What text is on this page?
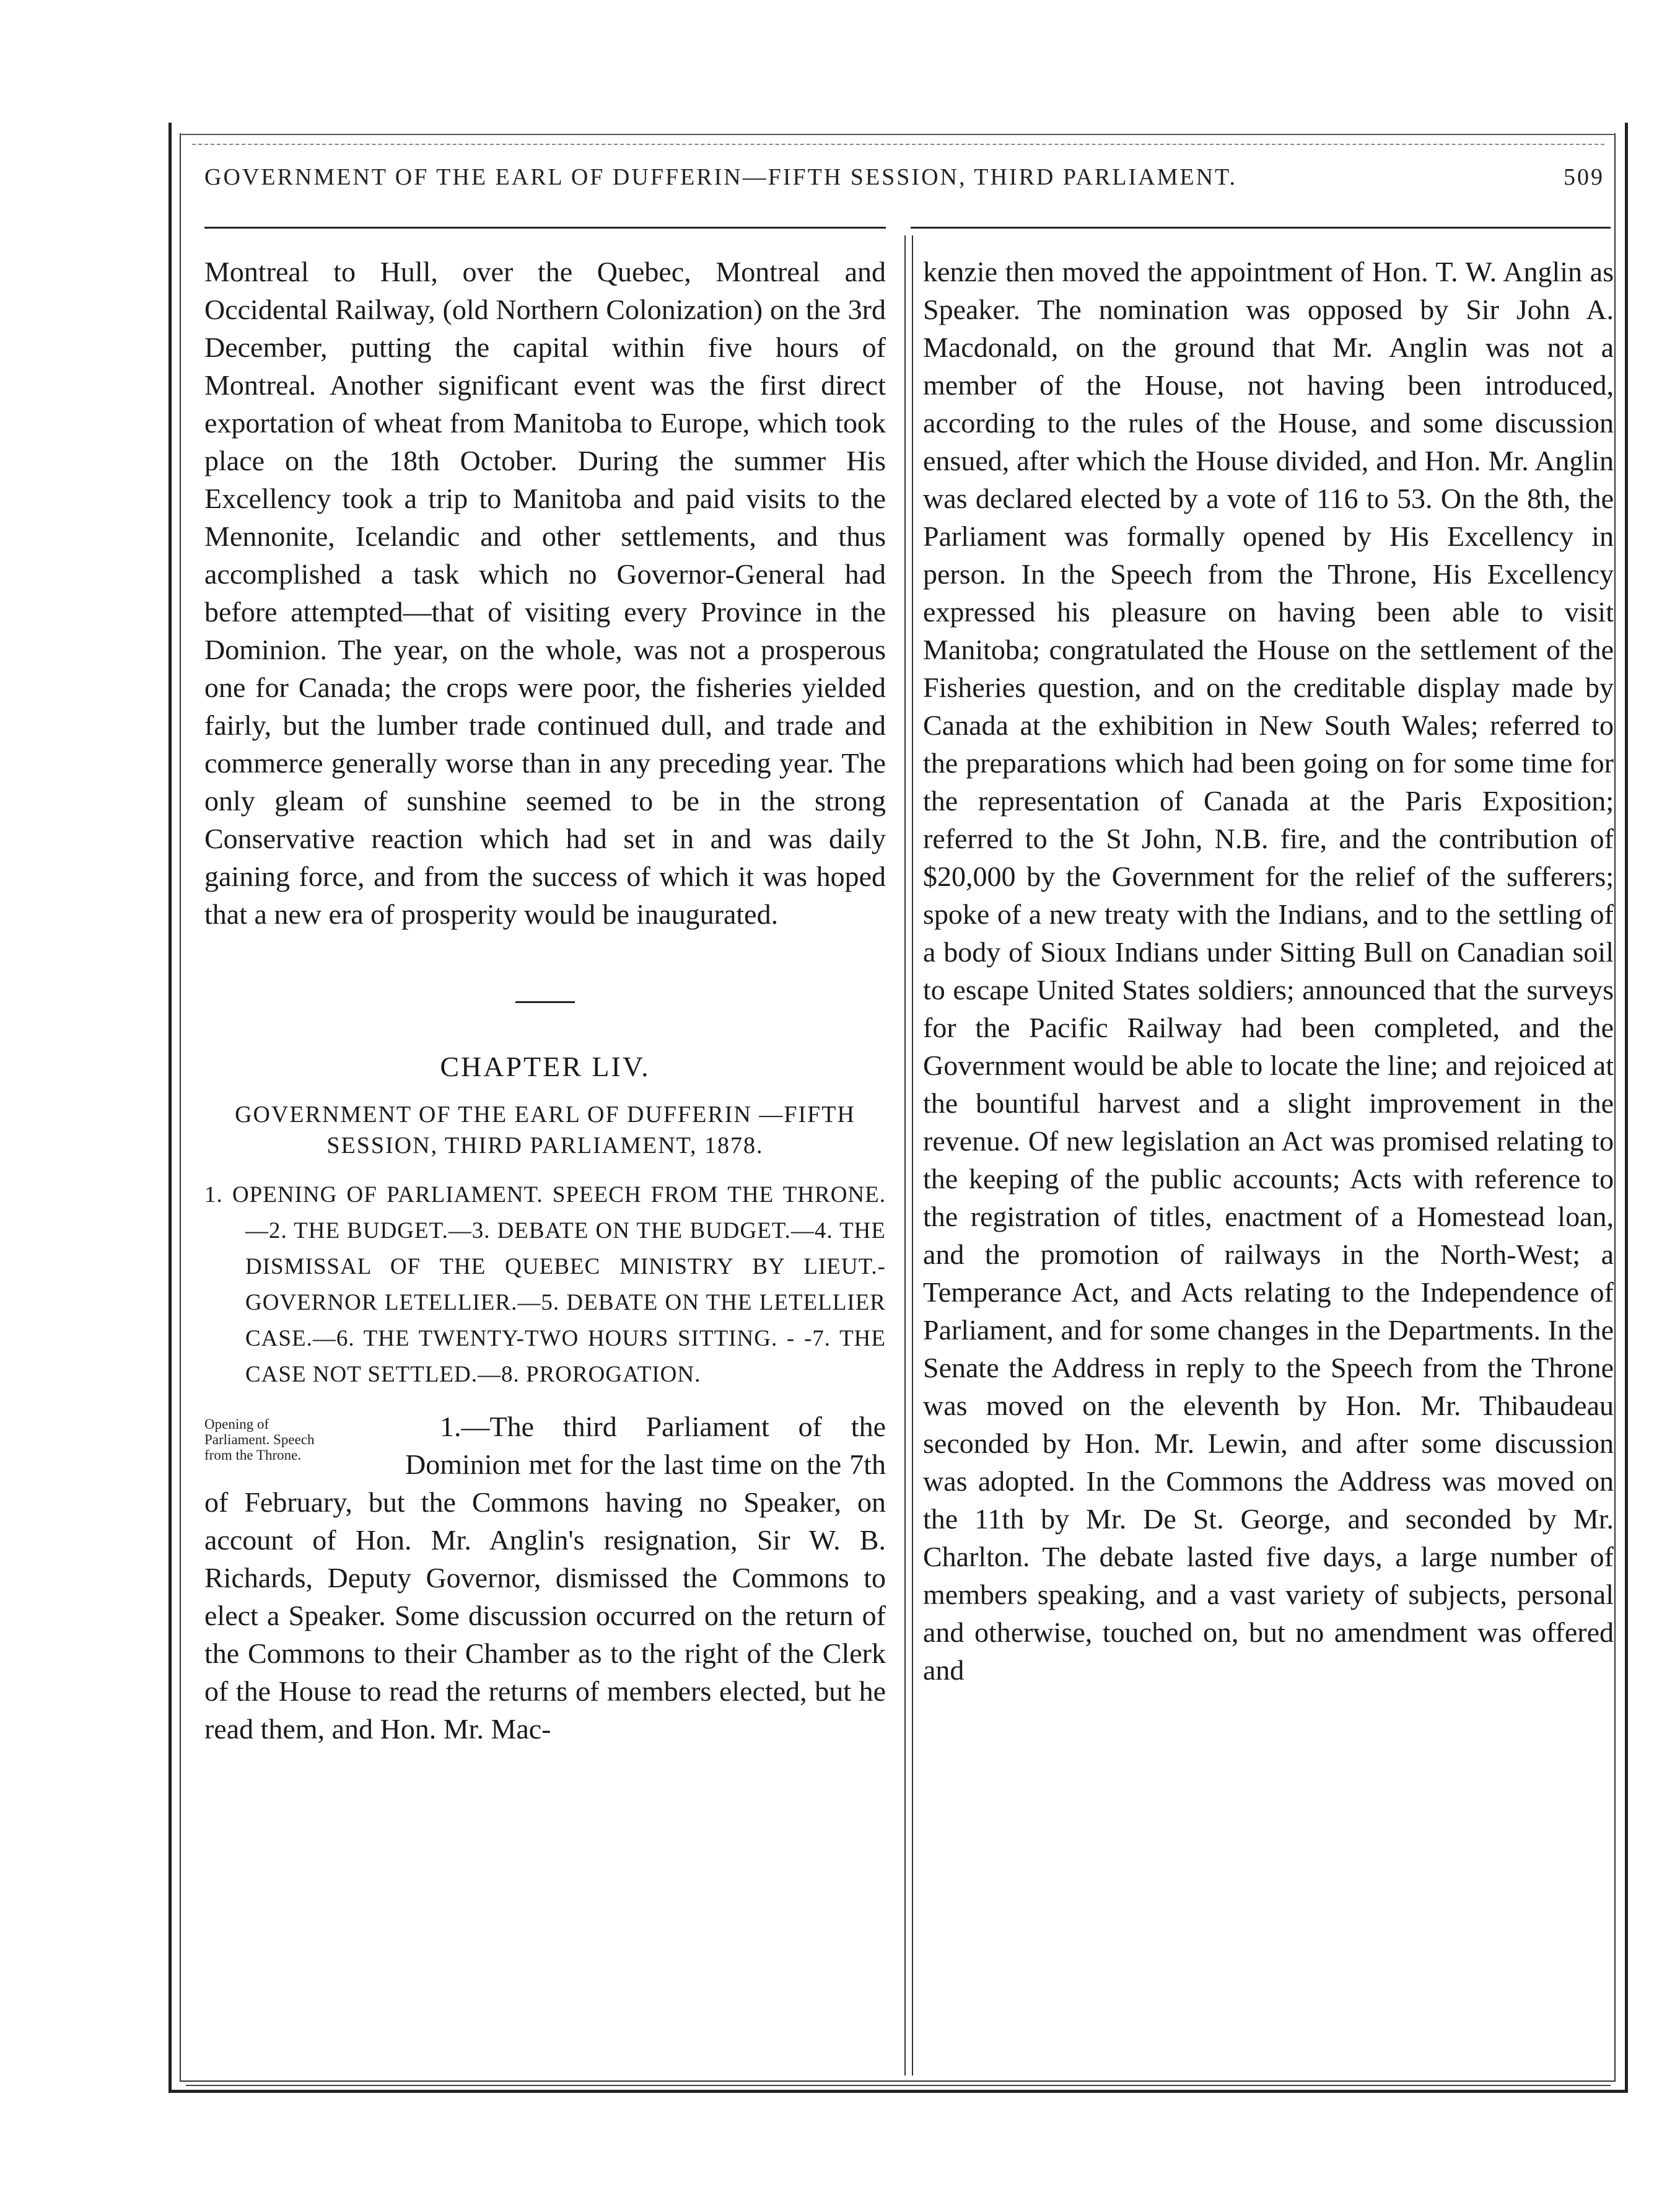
GOVERNMENT OF THE EARL OF DUFFERIN—FIFTH SESSION, THIRD PARLIAMENT.	509

Montreal to Hull, over the Quebec, Montreal and Occidental Railway, (old Northern Colonization) on the 3rd December, putting the capital within five hours of Montreal. Another significant event was the first direct exportation of wheat from Manitoba to Europe, which took place on the 18th October. During the summer His Excellency took a trip to Manitoba and paid visits to the Mennonite, Icelandic and other settlements, and thus accomplished a task which no Governor-General had before attempted—that of visiting every Province in the Dominion. The year, on the whole, was not a prosperous one for Canada; the crops were poor, the fisheries yielded fairly, but the lumber trade continued dull, and trade and commerce generally worse than in any preceding year. The only gleam of sunshine seemed to be in the strong Conservative reaction which had set in and was daily gaining force, and from the success of which it was hoped that a new era of prosperity would be inaugurated.

CHAPTER LIV.
GOVERNMENT OF THE EARL OF DUFFERIN —FIFTH SESSION, THIRD PARLIAMENT, 1878.
1. OPENING OF PARLIAMENT. SPEECH FROM THE THRONE.—2. THE BUDGET.—3. DEBATE ON THE BUDGET.—4. THE DISMISSAL OF THE QUEBEC MINISTRY BY LIEUT.-GOVERNOR LETELLIER.—5. DEBATE ON THE LETELLIER CASE.—6. THE TWENTY-TWO HOURS SITTING. - -7. THE CASE NOT SETTLED.—8. PROROGATION.
Opening of
Parliament. Speech
from the Throne.

1.—The third Parliament of the Dominion met for the last time on the 7th of February, but the Commons having no Speaker, on account of Hon. Mr. Anglin's resignation, Sir W. B. Richards, Deputy Governor, dismissed the Commons to elect a Speaker. Some discussion occurred on the return of the Commons to their Chamber as to the right of the Clerk of the House to read the returns of members elected, but he read them, and Hon. Mr. Mac-

kenzie then moved the appointment of Hon. T. W. Anglin as Speaker. The nomination was opposed by Sir John A. Macdonald, on the ground that Mr. Anglin was not a member of the House, not having been introduced, according to the rules of the House, and some discussion ensued, after which the House divided, and Hon. Mr. Anglin was declared elected by a vote of 116 to 53. On the 8th, the Parliament was formally opened by His Excellency in person. In the Speech from the Throne, His Excellency expressed his pleasure on having been able to visit Manitoba; congratulated the House on the settlement of the Fisheries question, and on the creditable display made by Canada at the exhibition in New South Wales; referred to the preparations which had been going on for some time for the representation of Canada at the Paris Exposition; referred to the St John, N.B. fire, and the contribution of $20,000 by the Government for the relief of the sufferers; spoke of a new treaty with the Indians, and to the settling of a body of Sioux Indians under Sitting Bull on Canadian soil to escape United States soldiers; announced that the surveys for the Pacific Railway had been completed, and the Government would be able to locate the line; and rejoiced at the bountiful harvest and a slight improvement in the revenue. Of new legislation an Act was promised relating to the keeping of the public accounts; Acts with reference to the registration of titles, enactment of a Homestead loan, and the promotion of railways in the North-West; a Temperance Act, and Acts relating to the Independence of Parliament, and for some changes in the Departments. In the Senate the Address in reply to the Speech from the Throne was moved on the eleventh by Hon. Mr. Thibaudeau seconded by Hon. Mr. Lewin, and after some discussion was adopted. In the Commons the Address was moved on the 11th by Mr. De St. George, and seconded by Mr. Charlton. The debate lasted five days, a large number of members speaking, and a vast variety of subjects, personal and otherwise, touched on, but no amendment was offered and
